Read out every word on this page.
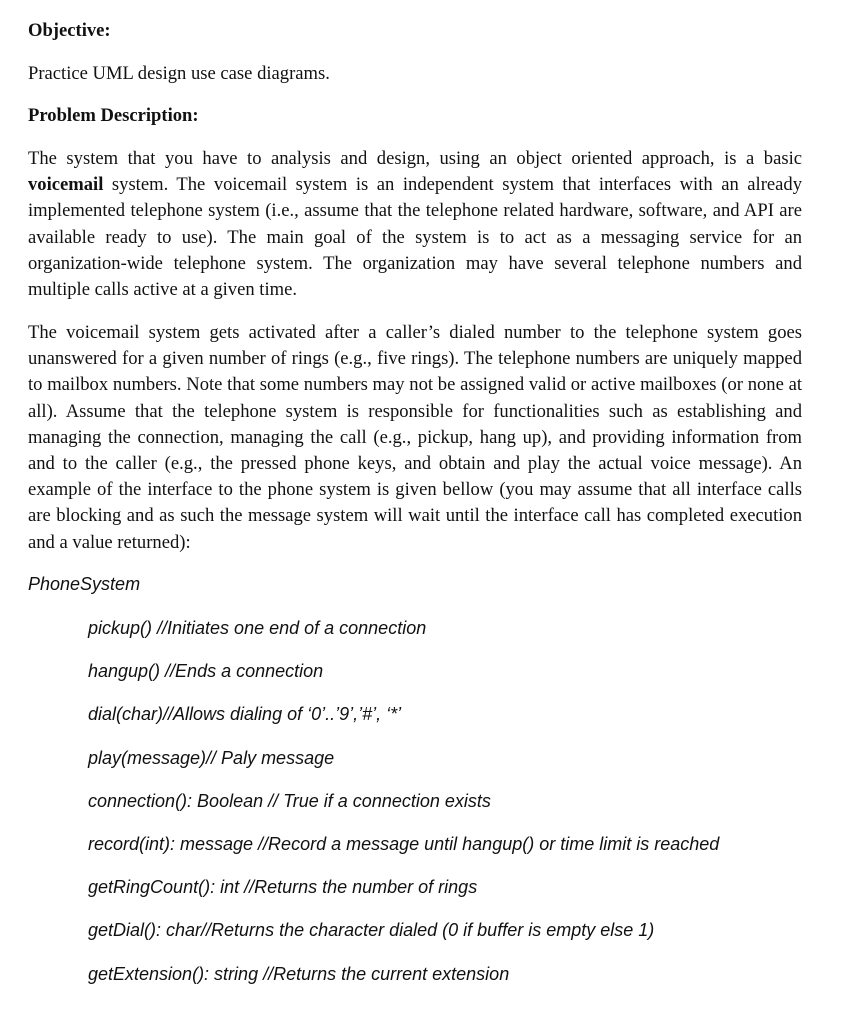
Objective:
Practice UML design use case diagrams.
Problem Description:

The system that you have to analysis and design, using an object oriented approach, is a basic voicemail system. The voicemail system is an independent system that interfaces with an already implemented telephone system (i.e., assume that the telephone related hardware, software, and API are available ready to use). The main goal of the system is to act as a messaging service for an organization-wide telephone system. The organization may have several telephone numbers and multiple calls active at a given time.

The voicemail system gets activated after a caller’s dialed number to the telephone system goes unanswered for a given number of rings (e.g., five rings). The telephone numbers are uniquely mapped to mailbox numbers. Note that some numbers may not be assigned valid or active mailboxes (or none at all). Assume that the telephone system is responsible for functionalities such as establishing and managing the connection, managing the call (e.g., pickup, hang up), and providing information from and to the caller (e.g., the pressed phone keys, and obtain and play the actual voice message). An example of the interface to the phone system is given bellow (you may assume that all interface calls are blocking and as such the message system will wait until the interface call has completed execution and a value returned):

PhoneSystem
pickup() //Initiates one end of a connection
hangup() //Ends a connection
dial(char)//Allows dialing of ‘0’..’9’,’#’, ‘*’
play(message)// Paly message
connection(): Boolean // True if a connection exists
record(int): message //Record a message until hangup() or time limit is reached
getRingCount(): int //Returns the number of rings
getDial(): char//Returns the character dialed (0 if buffer is empty else 1)
getExtension(): string //Returns the current extension
